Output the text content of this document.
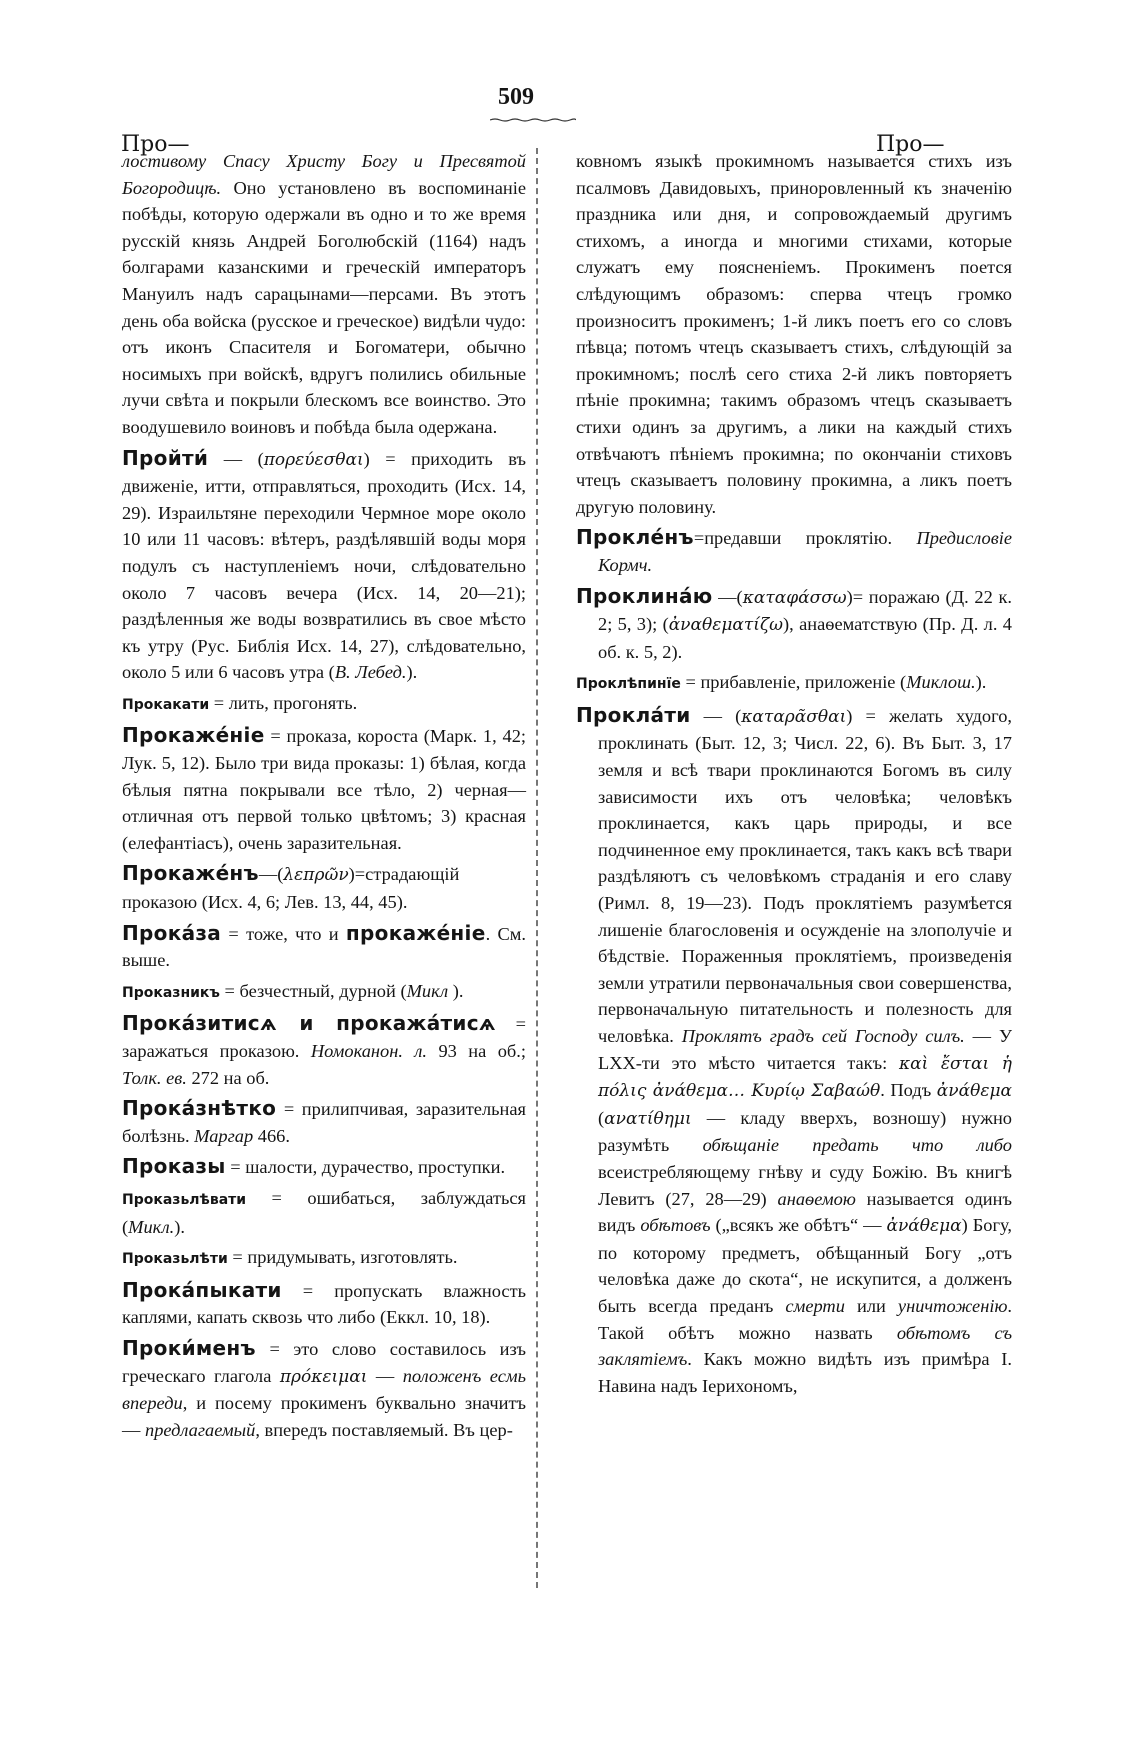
509
Про—	Про—
лостивому Спасу Христу Богу и Пресвятой Богородицѣ. Оно установлено въ воспоминаніе побѣды, которую одержали въ одно и то же время русскій князь Андрей Боголюбскій (1164) надъ болгарами казанскими и греческій императоръ Мануилъ надъ сарацынами—персами. Въ этотъ день оба войска (русское и греческое) видѣли чудо: отъ иконъ Спасителя и Богоматери, обычно носимыхъ при войскѣ, вдругъ полились обильные лучи свѣта и покрыли блескомъ все воинство. Это воодушевило воиновъ и побѣда была одержана.
Пройти́ — (πορεύεσθαι) = приходить въ движеніе, итти, отправляться, проходить (Исх. 14, 29). Израильтяне переходили Чермное море около 10 или 11 часовъ: вѣтеръ, раздѣлявшій воды моря подулъ съ наступленіемъ ночи, слѣдовательно около 7 часовъ вечера (Исх. 14, 20—21); раздѣленныя же воды возвратились въ свое мѣсто къ утру (Рус. Библія Исх. 14, 27), слѣдовательно, около 5 или 6 часовъ утра (В. Лебед.).
Прокакати = лить, прогонять.
Прокаже́ніе = проказа, короста (Марк. 1, 42; Лук. 5, 12). Было три вида проказы: 1) бѣлая, когда бѣлыя пятна покрывали все тѣло, 2) черная—отличная отъ первой только цвѣтомъ; 3) красная (елефантіасъ), очень заразительная.
Прокаже́нъ—(λεπρῶν)=страдающій проказою (Исх. 4, 6; Лев. 13, 44, 45).
Прока́за = тоже, что и прокаже́ніе. См. выше.
Проказникъ = безчестный, дурной (Микл ).
Прока́зитисѧ и прокажа́тисѧ = заражаться проказою. Номоканон. л. 93 на об.; Толк. ев. 272 на об.
Прока́знѣтко = прилипчивая, заразительная болѣзнь. Маргар 466.
Проказы = шалости, дурачество, проступки.
Проказьлѣвати = ошибаться, заблуждаться (Микл.).
Проказьлѣти = придумывать, изготовлять.
Прока́пыкати = пропускать влажность каплями, капать сквозь что либо (Еккл. 10, 18).
Проки́менъ = это слово составилось изъ греческаго глагола πρόκειμαι — положенъ есмь впереди, и посему прокименъ буквально значитъ — предлагаемый, впередъ поставляемый. Въ цер-
ковномъ языкѣ прокимномъ называется стихъ изъ псалмовъ Давидовыхъ, приноровленный къ значенію праздника или дня, и сопровождаемый другимъ стихомъ, а иногда и многими стихами, которые служатъ ему поясненіемъ. Прокименъ поется слѣдующимъ образомъ: сперва чтецъ громко произноситъ прокименъ; 1-й ликъ поетъ его со словъ пѣвца; потомъ чтецъ сказываетъ стихъ, слѣдующій за прокимномъ; послѣ сего стиха 2-й ликъ повторяетъ пѣніе прокимна; такимъ образомъ чтецъ сказываетъ стихи одинъ за другимъ, а лики на каждый стихъ отвѣчаютъ пѣніемъ прокимна; по окончаніи стиховъ чтецъ сказываетъ половину прокимна, а ликъ поетъ другую половину.
Прокле́нъ=предавши проклятію. Предисловіе Кормч.
Проклина́ю —(καταφάσσω)= поражаю (Д. 22 к. 2; 5, 3); (ἀναθεματίζω), анаѳематствую (Пр. Д. л. 4 об. к. 5, 2).
Проклѣпинїе = прибавленіе, приложеніе (Миклош.).
Прокла́ти — (καταρᾶσθαι) = желать худого, проклинать (Быт. 12, 3; Числ. 22, 6). Въ Быт. 3, 17 земля и всѣ твари проклинаются Богомъ въ силу зависимости ихъ отъ человѣка; человѣкъ проклинается, какъ царь природы, и все подчиненное ему проклинается, такъ какъ всѣ твари раздѣляютъ съ человѣкомъ страданія и его славу (Римл. 8, 19—23). Подъ проклятіемъ разумѣется лишеніе благословенія и осужденіе на злополучіе и бѣдствіе. Пораженныя проклятіемъ, произведенія земли утратили первоначальныя свои совершенства, первоначальную питательность и полезность для человѣка. Проклятъ градъ сей Господу силъ. — У LXX-ти это мѣсто читается такъ: καὶ ἔσται ἡ πόλις ἀνάθεμα… Κυρίῳ Σαβαώθ. Подъ ἀνάθεμα (ανατίθημι — кладу вверхъ, возношу) нужно разумѣть обѣщаніе предать что либо всеистребляющему гнѣву и суду Божію. Въ книгѣ Левитъ (27, 28—29) анаѳемою называется одинъ видъ обѣтовъ („всякъ же обѣтъ“ — ἀνάθεμα) Богу, по которому предметъ, обѣщанный Богу „отъ человѣка даже до скота“, не искупится, а долженъ быть всегда преданъ смерти или уничтоженію. Такой обѣтъ можно назвать обѣтомъ съ заклятіемъ. Какъ можно видѣть изъ примѣра І. Навина надъ Іерихономъ,
